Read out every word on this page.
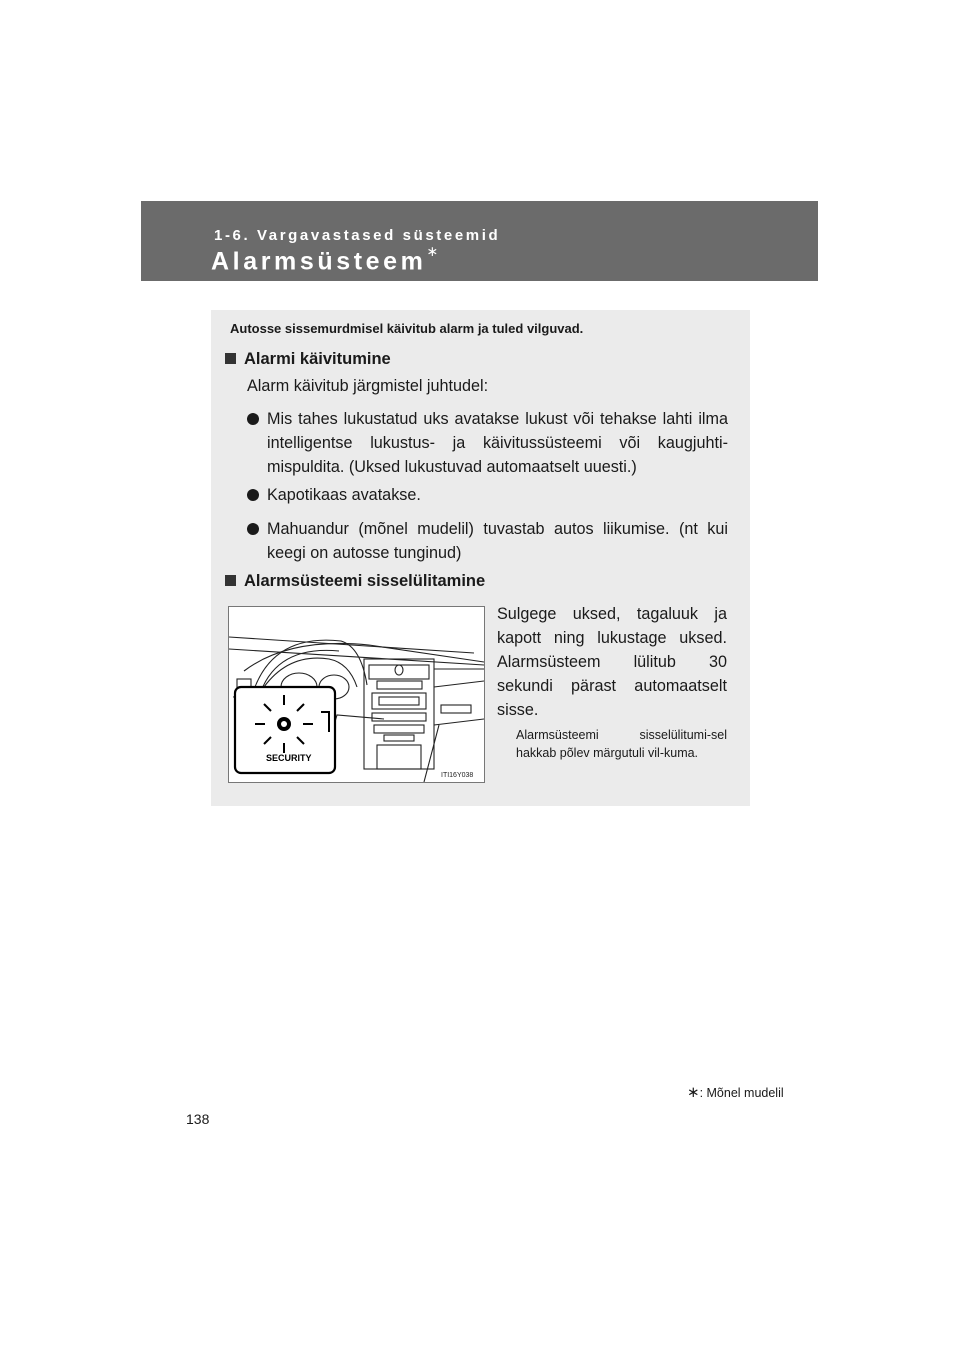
1-6. Vargavastased süsteemid
Alarmsüsteem∗

Autosse sissemurdmisel käivitub alarm ja tuled vilguvad.

Alarmi käivitumine

Alarm käivitub järgmistel juhtudel:

Mis tahes lukustatud uks avatakse lukust või tehakse lahti ilma intelligentse lukustus- ja käivitussüsteemi või kaugjuhti-mispuldita. (Uksed lukustuvad automaatselt uuesti.)
Kapotikaas avatakse.
Mahuandur (mõnel mudelil) tuvastab autos liikumise. (nt kui keegi on autosse tunginud)
Alarmsüsteemi sisselülitamine
SECURITY
ITI16Y038

Sulgege uksed, tagaluuk ja kapott ning lukustage uksed. Alarmsüsteem lülitub 30 sekundi pärast automaatselt sisse.

Alarmsüsteemi sisselülitumi-sel hakkab põlev märgutuli vil-kuma.

∗: Mõnel mudelil
138
